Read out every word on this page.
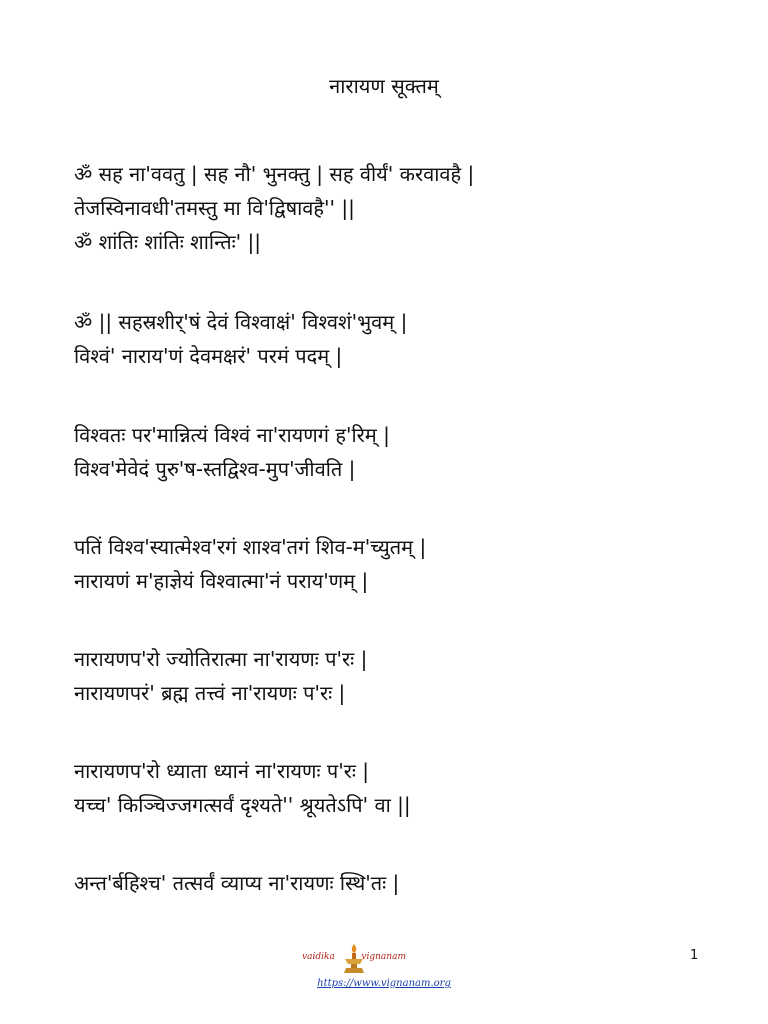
नारायण सूक्तम्
ॐ सह ना'ववतु | सह नौ' भुनक्तु | सह वीर्यं' करवावहै |
तेजस्विनावधी'तमस्तु मा वि'द्विषावहै'' ||
ॐ शांतिः शांतिः शान्तिः' ||
ॐ || सहस्रशीर्'षं देवं विश्वाक्षं' विश्वशं'भुवम् |
विश्वं' नाराय'णं देवमक्षरं' परमं पदम् |
विश्वतः पर'मान्नित्यं विश्वं ना'रायणगं ह'रिम् |
विश्व'मेवेदं पुरु'ष-स्तद्विश्व-मुप'जीवति |
पतिं विश्व'स्यात्मेश्व'रगं शाश्व'तगं शिव-म'च्युतम् |
नारायणं म'हाज्ञेयं विश्वात्मा'नं पराय'णम् |
नारायणप'रो ज्योतिरात्मा ना'रायणः प'रः |
नारायणपरं' ब्रह्म तत्त्वं ना'रायणः प'रः |
नारायणप'रो ध्याता ध्यानं ना'रायणः प'रः |
यच्च' किञ्चिज्जगत्सर्वं दृश्यते'' श्रूयतेऽपि' वा ||
अन्त'र्बहिश्च' तत्सर्वं व्याप्य ना'रायणः स्थि'तः |
1
vaidika	vignanam
https://www.vignanam.org
